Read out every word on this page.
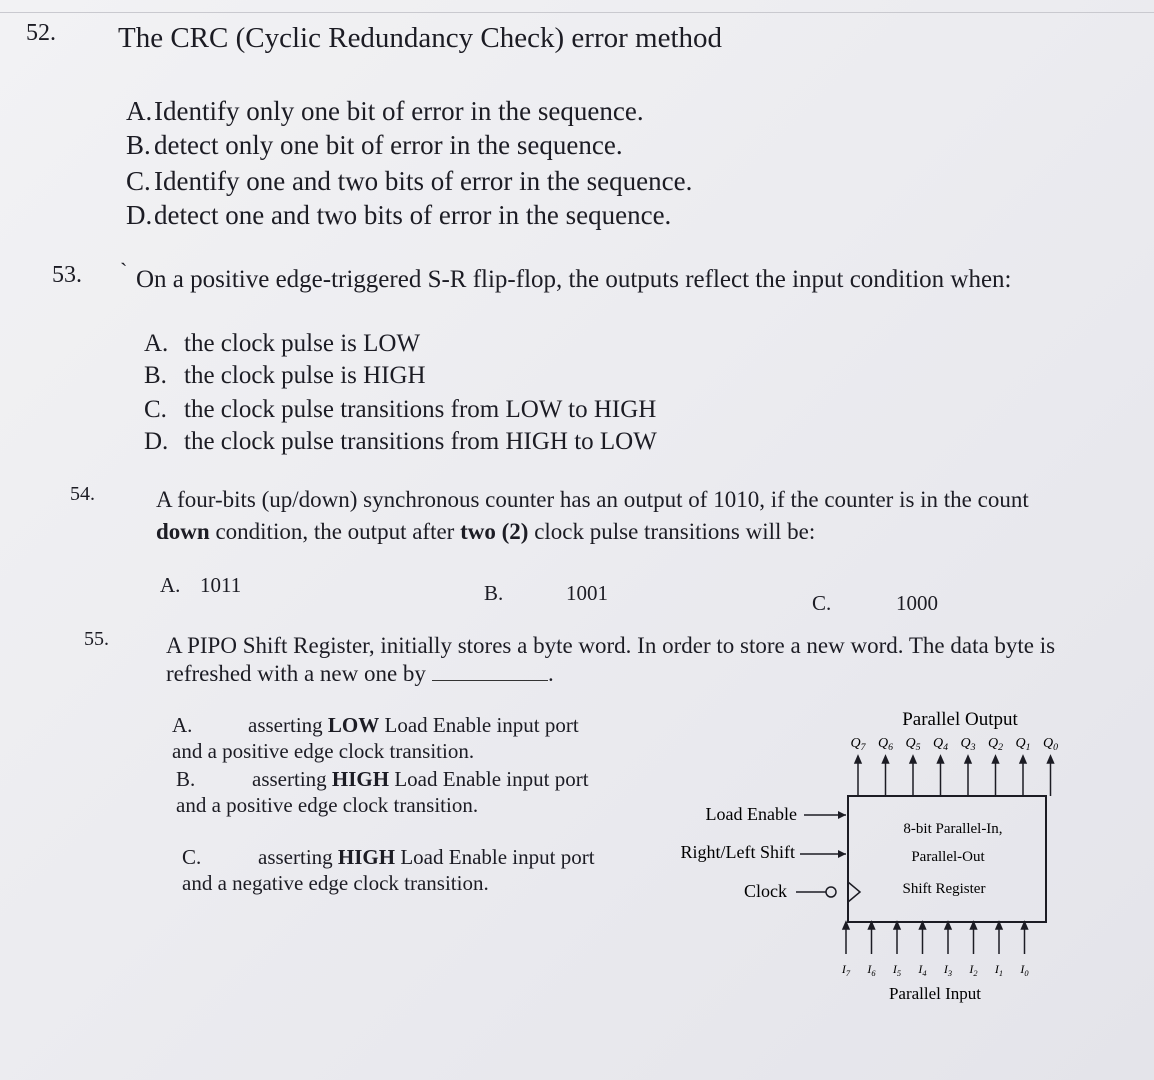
52. The CRC (Cyclic Redundancy Check) error method
A.Identify only one bit of error in the sequence.
B. detect only one bit of error in the sequence.
C. Identify one and two bits of error in the sequence.
D.detect one and two bits of error in the sequence.
53. ` On a positive edge-triggered S-R flip-flop, the outputs reflect the input condition when:
A. the clock pulse is LOW
B. the clock pulse is HIGH
C. the clock pulse transitions from LOW to HIGH
D. the clock pulse transitions from HIGH to LOW
54.	A four-bits (up/down) synchronous counter has an output of 1010, if the counter is in the count
down condition, the output after two (2) clock pulse transitions will be:
A. 1011	B.	1001	C.	1000
55. A PIPO Shift Register, initially stores a byte word. In order to store a new word. The data byte is
refreshed with a new one by	.
A.	asserting LOW Load Enable input port
and a positive edge clock transition.
B.	asserting HIGH Load Enable input port
and a positive edge clock transition.
C.	asserting HIGH Load Enable input port
and a negative edge clock transition.
Parallel Output
$Q_7$ $Q_6$ $Q_5$ $Q_4$ $Q_3$ $Q_2$ $Q_1$ $Q_0$
8-bit Parallel-In,
Parallel-Out
Shift Register
Load Enable
Right/Left Shift
Clock
$I_7$ $I_6$ $I_5$ $I_4$ $I_3$ $I_2$ $I_1$ $I_0$
Parallel Input
